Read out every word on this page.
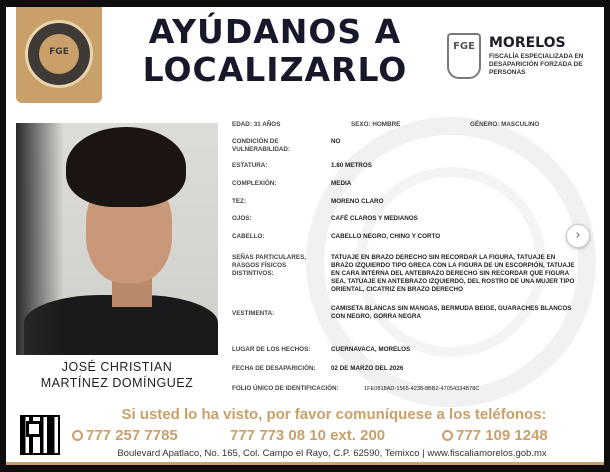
FGE
AYÚDANOS A
LOCALIZARLO
FGE MORELOS
FISCALÍA ESPECIALIZADA EN DESAPARICIÓN FORZADA DE PERSONAS
JOSÉ CHRISTIAN
MARTÍNEZ DOMÍNGUEZ
EDAD: 31 AÑOS	SEXO: HOMBRE	GÉNERO: MASCULINO
CONDICIÓN DE VULNERABILIDAD:
NO
ESTATURA:	1.80 METROS
COMPLEXIÓN:	MEDIA
TEZ:	MORENO CLARO
OJOS:	CAFÉ CLAROS Y MEDIANOS
CABELLO:	CABELLO NEGRO, CHINO Y CORTO
SEÑAS PARTICULARES, RASGOS FÍSICOS DISTINTIVOS:
TATUAJE EN BRAZO DERECHO SIN RECORDAR LA FIGURA, TATUAJE EN BRAZO IZQUIERDO TIPO GRECA CON LA FIGURA DE UN ESCORPIÓN, TATUAJE EN CARA INTERNA DEL ANTEBRAZO DERECHO SIN RECORDAR QUE FIGURA SEA, TATUAJE EN ANTEBRAZO IZQUIERDO, DEL ROSTRO DE UNA MUJER TIPO ORIENTAL, CICATRIZ EN BRAZO DERECHO
VESTIMENTA:
CAMISETA BLANCAS SIN MANGAS, BERMUDA BEIGE, GUARACHES BLANCOS CON NEGRO, GORRA NEGRA
LUGAR DE LOS HECHOS:	CUERNAVACA, MORELOS
FECHA DE DESAPARICIÓN: 02 DE MARZO DEL 2026
FOLIO ÚNICO DE IDENTIFICACIÓN:	1FE0818AD-1565-4238-8BB2-47054334B78C
Si usted lo ha visto, por favor comuníquese a los teléfonos:
777 257 7785	777 773 08 10 ext. 200	777 109 1248
Boulevard Apatlaco, No. 165, Col. Campo el Rayo, C.P. 62590, Temixco | www.fiscaliamorelos.gob.mx
›
